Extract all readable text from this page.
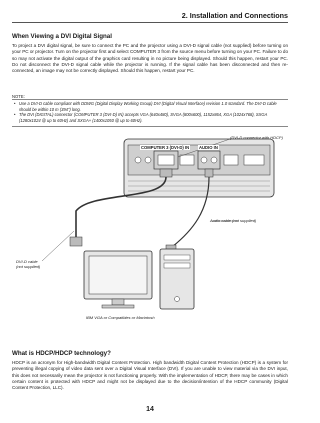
2. Installation and Connections
When Viewing a DVI Digital Signal
To project a DVI digital signal, be sure to connect the PC and the projector using a DVI-D signal cable (not supplied) before turning on your PC or projector. Turn on the projector first and select COMPUTER 3 from the source menu before turning on your PC. Failure to do so may not activate the digital output of the graphics card resulting in no picture being displayed. Should this happen, restart your PC. Do not disconnect the DVI-D signal cable while the projector is running. If the signal cable has been disconnected and then re-connected, an image may not be correctly displayed. Should this happen, restart your PC.
NOTE:
• Use a DVI-D cable compliant with DDWG (Digital Display Working Group) DVI (Digital Visual Interface) revision 1.0 standard. The DVI-D cable should be within 10 m (394") long.
• The DVI (DIGITAL) connector (COMPUTER 3 (DVI-D) IN) accepts VGA (640x480), SVGA (800x600), 1152x864, XGA (1024x768), SXGA (1280x1024 @ up to 60Hz) and SXGA+ (1400x1050 @ up to 60Hz).
COMPUTER 3 (DVI-D) IN AUDIO IN
(DVI-D connector with HDCP)
DVI-D cable
(not supplied)
Audio cable (not supplied)
IBM VGA or Compatibles or Macintosh
What is HDCP/HDCP technology?
HDCP is an acronym for High-bandwidth Digital Content Protection. High bandwidth Digital Content Protection (HDCP) is a system for preventing illegal copying of video data sent over a Digital Visual Interface (DVI). If you are unable to view material via the DVI input, this does not necessarily mean the projector is not functioning properly. With the implementation of HDCP, there may be cases in which certain content is protected with HDCP and might not be displayed due to the decision/intention of the HDCP community (Digital Content Protection, LLC).
14
